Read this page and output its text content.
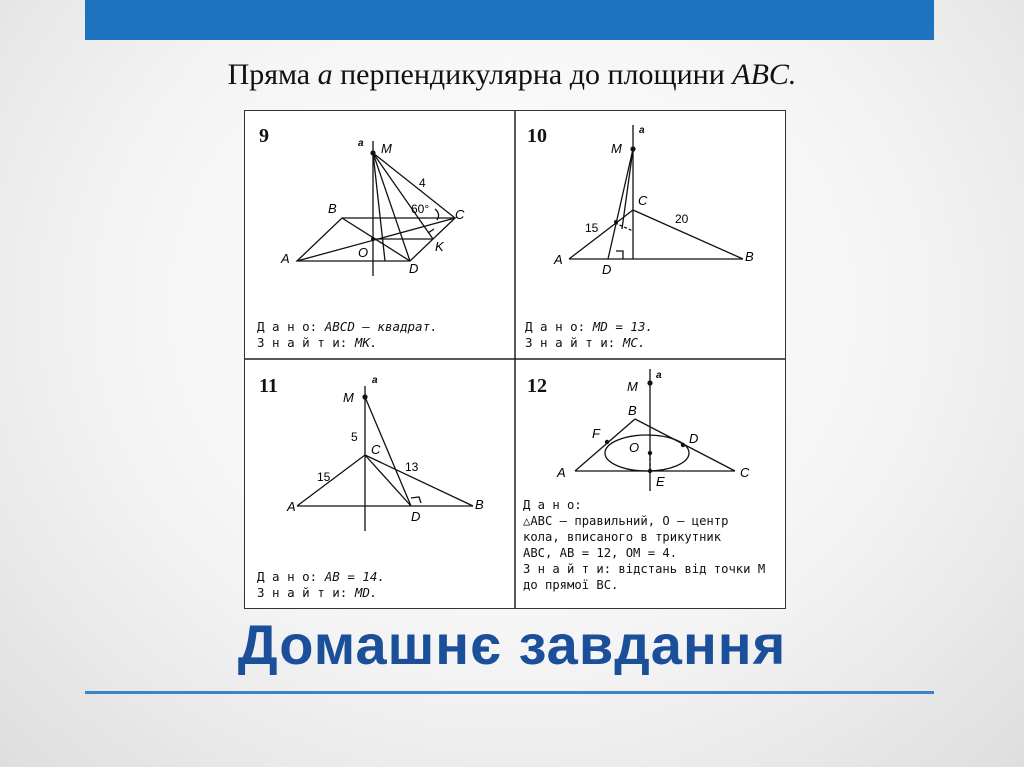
Пряма a перпендикулярна до площини ABC.
a M
4
60°
B	C
A	O	K
D
a
M
C
15
20
A
D
B
a
M
5
C
15
13
A
D
B
a
M
B
F	D
O
A
E
C
9	10
11	12
Д а н о: ABCD – квадрат.
З н а й т и: MK.
Д а н о: MD = 13.
З н а й т и: MC.
Д а н о: AB = 14.
З н а й т и: MD.
Д а н о:
△ABC – правильний, O – центр
кола, вписаного в трикутник
ABC, AB = 12, OM = 4.
З н а й т и: відстань від точки M
до прямої BC.
Домашнє завдання
